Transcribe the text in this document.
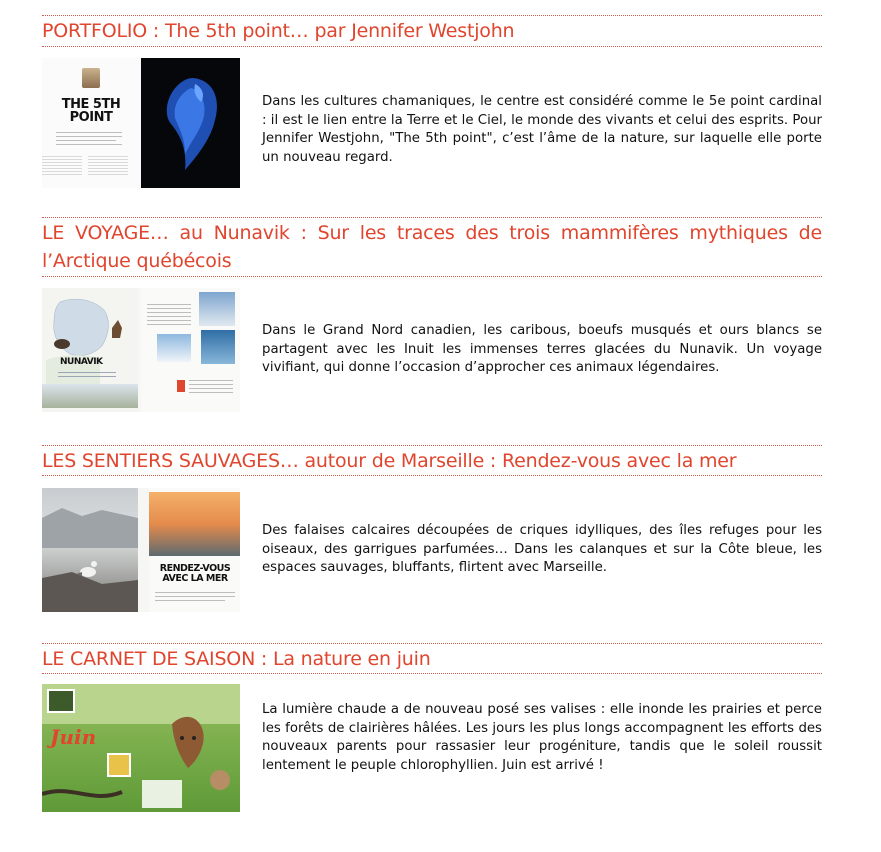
PORTFOLIO : The 5th point… par Jennifer Westjohn
THE 5TH POINT

Dans les cultures chamaniques, le centre est considéré comme le 5e point cardinal : il est le lien entre la Terre et le Ciel, le monde des vivants et celui des esprits. Pour Jennifer Westjohn, "The 5th point", c’est l’âme de la nature, sur laquelle elle porte un nouveau regard.

LE VOYAGE… au Nunavik : Sur les traces des trois mammifères mythiques de l’Arctique québécois
NUNAVIK

Dans le Grand Nord canadien, les caribous, boeufs musqués et ours blancs se partagent avec les Inuit les immenses terres glacées du Nunavik. Un voyage vivifiant, qui donne l’occasion d’approcher ces animaux légendaires.

LES SENTIERS SAUVAGES… autour de Marseille : Rendez-vous avec la mer
RENDEZ-VOUS AVEC LA MER

Des falaises calcaires découpées de criques idylliques, des îles refuges pour les oiseaux, des garrigues parfumées… Dans les calanques et sur la Côte bleue, les espaces sauvages, bluffants, flirtent avec Marseille.

LE CARNET DE SAISON : La nature en juin
Juin

La lumière chaude a de nouveau posé ses valises : elle inonde les prairies et perce les forêts de clairières hâlées. Les jours les plus longs accompagnent les efforts des nouveaux parents pour rassasier leur progéniture, tandis que le soleil roussit lentement le peuple chlorophyllien. Juin est arrivé !
